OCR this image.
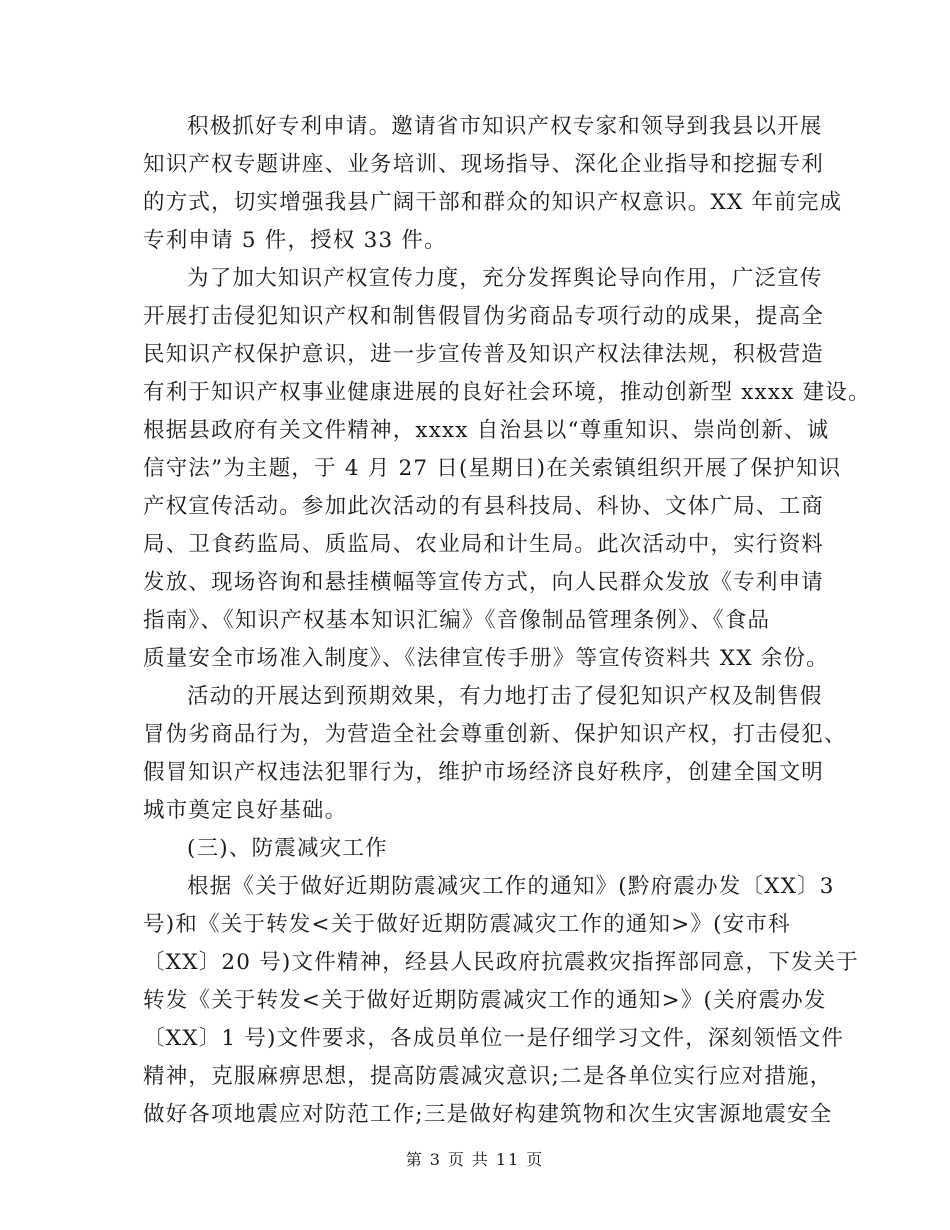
积极抓好专利申请。邀请省市知识产权专家和领导到我县以开展
知识产权专题讲座、业务培训、现场指导、深化企业指导和挖掘专利
的方式，切实增强我县广阔干部和群众的知识产权意识。XX 年前完成
专利申请 5 件，授权 33 件。
为了加大知识产权宣传力度，充分发挥舆论导向作用，广泛宣传
开展打击侵犯知识产权和制售假冒伪劣商品专项行动的成果，提高全
民知识产权保护意识，进一步宣传普及知识产权法律法规，积极营造
有利于知识产权事业健康进展的良好社会环境，推动创新型 xxxx 建设。
根据县政府有关文件精神，xxxx 自治县以“尊重知识、崇尚创新、诚
信守法”为主题，于 4 月 27 日(星期日)在关索镇组织开展了保护知识
产权宣传活动。参加此次活动的有县科技局、科协、文体广局、工商
局、卫食药监局、质监局、农业局和计生局。此次活动中，实行资料
发放、现场咨询和悬挂横幅等宣传方式，向人民群众发放《专利申请
指南》、《知识产权基本知识汇编》《音像制品管理条例》、《食品
质量安全市场准入制度》、《法律宣传手册》等宣传资料共 XX 余份。
活动的开展达到预期效果，有力地打击了侵犯知识产权及制售假
冒伪劣商品行为，为营造全社会尊重创新、保护知识产权，打击侵犯、
假冒知识产权违法犯罪行为，维护市场经济良好秩序，创建全国文明
城市奠定良好基础。
(三)、防震减灾工作
根据《关于做好近期防震减灾工作的通知》(黔府震办发〔XX〕3
号)和《关于转发<关于做好近期防震减灾工作的通知>》(安市科
〔XX〕20 号)文件精神，经县人民政府抗震救灾指挥部同意，下发关于
转发《关于转发<关于做好近期防震减灾工作的通知>》(关府震办发
〔XX〕1 号)文件要求，各成员单位一是仔细学习文件，深刻领悟文件
精神，克服麻痹思想，提高防震减灾意识;二是各单位实行应对措施，
做好各项地震应对防范工作;三是做好构建筑物和次生灾害源地震安全
第 3 页 共 11 页
